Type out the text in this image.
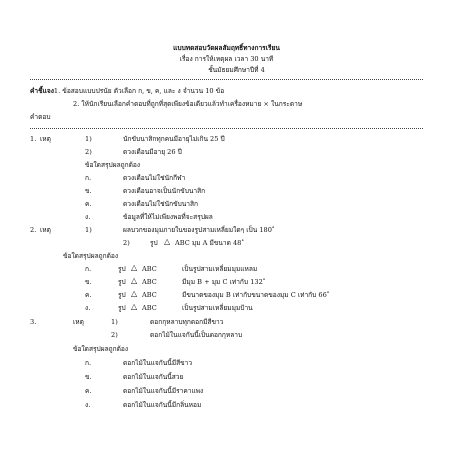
แบบทดสอบวัดผลสัมฤทธิ์ทางการเรียน
เรื่อง การให้เหตุผล เวลา 30 นาที
ชั้นมัธยมศึกษาปีที่ 4
คำชี้แจง1. ข้อสอบแบบปรนัย ตัวเลือก ก, ข, ค, และ ง จำนวน 10 ข้อ
2. ให้นักเรียนเลือกคำตอบที่ถูกที่สุดเพียงข้อเดียวแล้วทำเครื่องหมาย × ในกระดาษ
คำตอบ
1. เหตุ	1)	นักขับนาสิกทุกคนมีอายุไม่เกิน 25 ปี
2)	ดวงเดือนมีอายุ 26 ปี
ข้อใดสรุปผลถูกต้อง
ก.	ดวงเดือนไม่ใช่นักกีฬา
ข.	ดวงเดือนอาจเป็นนักขับนาสิก
ค.	ดวงเดือนไม่ใช่นักขับนาสิก
ง.	ข้อมูลที่ให้ไม่เพียงพอที่จะสรุปผล
2. เหตุ	1)	ผลบวกของมุมภายในของรูปสามเหลี่ยมใดๆ เป็น 180 ํ
2)	รูป △ ABC มุม A มีขนาด 48 ํ
ข้อใดสรุปผลถูกต้อง
ก.	รูป △ ABC	เป็นรูปสามเหลี่ยมมุมแหลม
ข.	รูป △ ABC	มีมุม B + มุม C เท่ากับ 132 ํ
ค.	รูป △ ABC	มีขนาดของมุม B เท่ากับขนาดของมุม C เท่ากับ 66 ํ
ง.	รูป △ ABC	เป็นรูปสามเหลี่ยมมุมป้าน
3.	เหตุ	1)	ดอกกุหลาบทุกดอกมีสีขาว
2)	ดอกไม้ในแจกันนี้เป็นดอกกุหลาบ
ข้อใดสรุปผลถูกต้อง
ก.	ดอกไม้ในแจกันนี้มีสีขาว
ข.	ดอกไม้ในแจกันนี้สวย
ค.	ดอกไม้ในแจกันนี้มีราคาแพง
ง.	ดอกไม้ในแจกันนี้มีกลิ่นหอม
